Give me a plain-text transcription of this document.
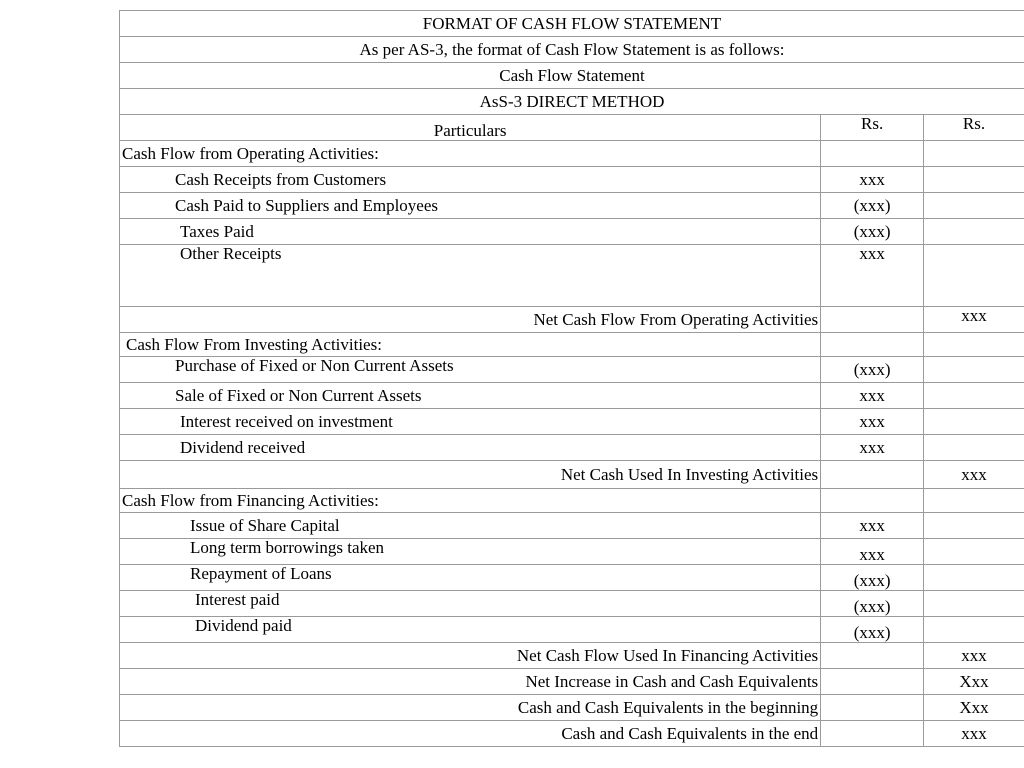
FORMAT OF CASH FLOW STATEMENT		
As per AS-3, the format of Cash Flow Statement is as follows:		
Cash Flow Statement		
AsS-3 DIRECT METHOD		
Particulars	Rs.	Rs.
Cash Flow from Operating Activities:		
Cash Receipts from Customers	xxx	
Cash Paid to Suppliers and Employees	(xxx)	
Taxes Paid	(xxx)	
Other Receipts	xxx	
Net Cash Flow From Operating Activities		xxx
Cash Flow From Investing Activities:		
Purchase of Fixed or Non Current Assets	(xxx)	
Sale of Fixed or Non Current Assets	xxx	
Interest received on investment	xxx	
Dividend received	xxx	
Net Cash Used In Investing Activities		xxx
Cash Flow from Financing Activities:		
Issue of Share Capital	xxx	
Long term borrowings taken	xxx	
Repayment of Loans	(xxx)	
Interest paid	(xxx)	
Dividend paid	(xxx)	
Net Cash Flow Used In Financing Activities		xxx
Net Increase in Cash and Cash Equivalents		Xxx
Cash and Cash Equivalents in the beginning		Xxx
Cash and Cash Equivalents in the end		xxx
